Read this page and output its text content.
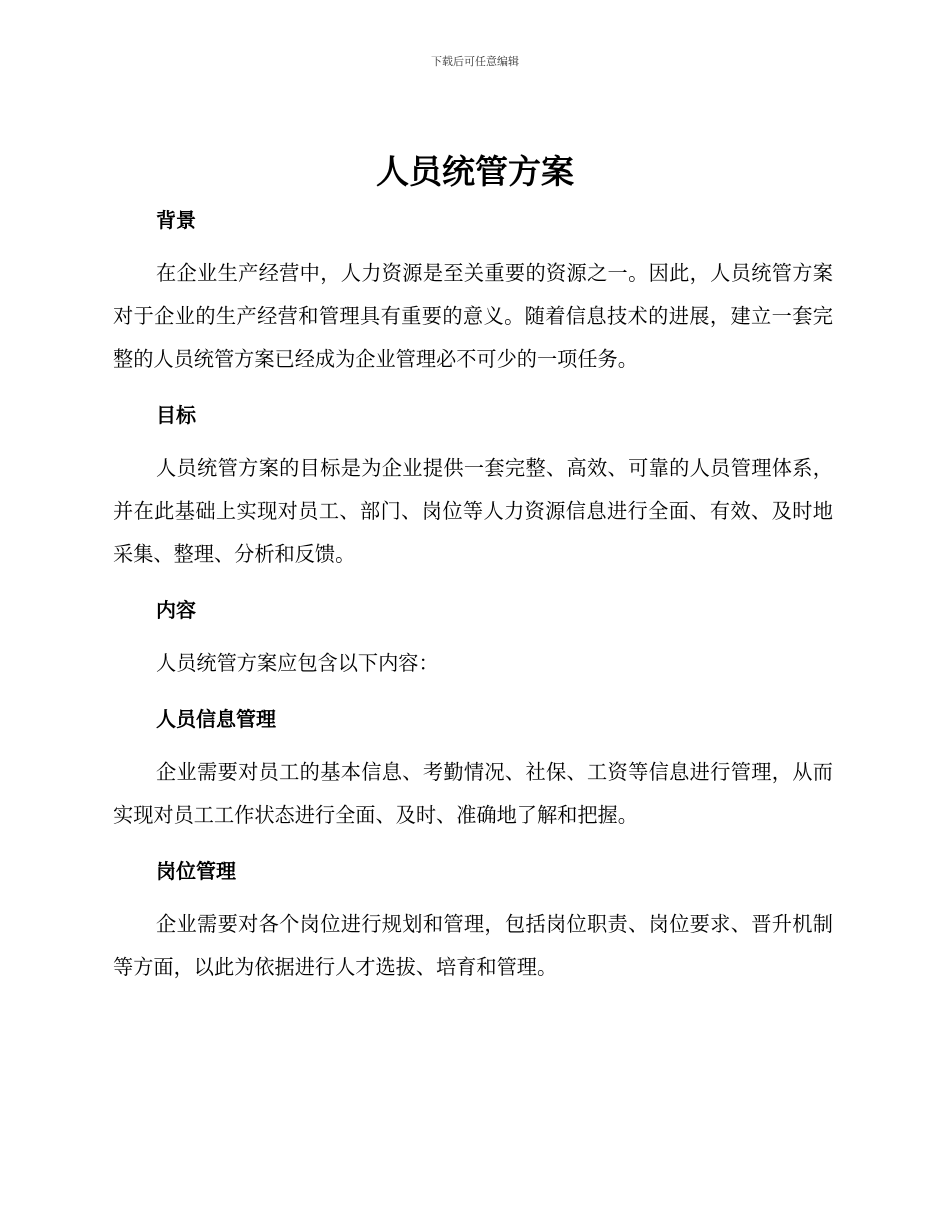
下载后可任意编辑
人员统管方案
背景

在企业生产经营中，人力资源是至关重要的资源之一。因此，人员统管方案对于企业的生产经营和管理具有重要的意义。随着信息技术的进展，建立一套完整的人员统管方案已经成为企业管理必不可少的一项任务。

目标

人员统管方案的目标是为企业提供一套完整、高效、可靠的人员管理体系，并在此基础上实现对员工、部门、岗位等人力资源信息进行全面、有效、及时地采集、整理、分析和反馈。

内容

人员统管方案应包含以下内容：

人员信息管理

企业需要对员工的基本信息、考勤情况、社保、工资等信息进行管理，从而实现对员工工作状态进行全面、及时、准确地了解和把握。

岗位管理

企业需要对各个岗位进行规划和管理，包括岗位职责、岗位要求、晋升机制等方面，以此为依据进行人才选拔、培育和管理。
